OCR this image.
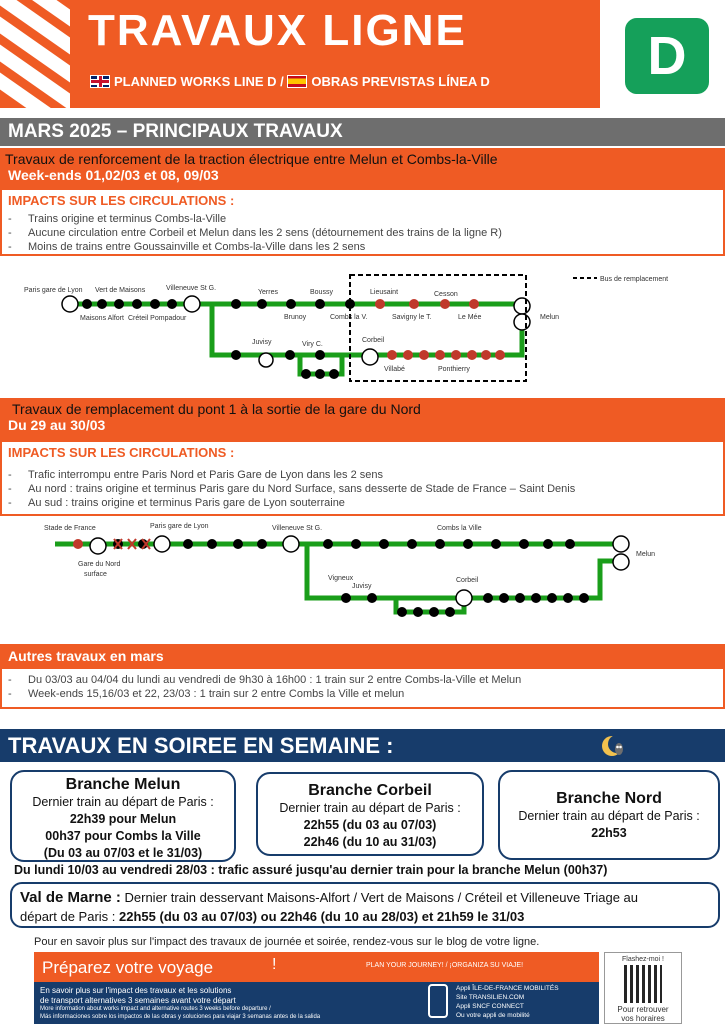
TRAVAUX LIGNE
PLANNED WORKS LINE D / OBRAS PREVISTAS LÍNEA D	D
MARS 2025 – PRINCIPAUX TRAVAUX
Travaux de renforcement de la traction électrique entre Melun et Combs-la-Ville
Week-ends 01,02/03 et 08, 09/03
IMPACTS SUR LES CIRCULATIONS :
- Trains origine et terminus Combs-la-Ville
- Aucune circulation entre Corbeil et Melun dans les 2 sens (détournement des trains de la ligne R)
- Moins de trains entre Goussainville et Combs-la-Ville dans les 2 sens
Bus de remplacement
Paris gare de Lyon Vert de Maisons	Villeneuve St G.
Yerres	Boussy	Lieusaint	Cesson
Melun
Maisons Alfort Créteil Pompadour	Brunoy	Combs la V.	Savigny le T.	Le Mée
Juvisy	Viry C.
Corbeil
Villabé	Ponthierry
Travaux de remplacement du pont 1 à la sortie de la gare du Nord
Du 29 au 30/03
IMPACTS SUR LES CIRCULATIONS :
- Trafic interrompu entre Paris Nord et Paris Gare de Lyon dans les 2 sens
- Au nord : trains origine et terminus Paris gare du Nord Surface, sans desserte de Stade de France – Saint Denis
- Au sud : trains origine et terminus Paris gare de Lyon souterraine
Stade de France
Gare du Nord
surface
Paris gare de Lyon	Villeneuve St G.	Combs la Ville
Melun
Vigneux
Juvisy
Corbeil
Autres travaux en mars
- Du 03/03 au 04/04 du lundi au vendredi de 9h30 à 16h00 : 1 train sur 2 entre Combs-la-Ville et Melun
- Week-ends 15,16/03 et 22, 23/03 : 1 train sur 2 entre Combs la Ville et melun
TRAVAUX EN SOIREE EN SEMAINE :
Branche Melun
Dernier train au départ de Paris :
22h39 pour Melun
00h37 pour Combs la Ville
(Du 03 au 07/03 et le 31/03)
Branche Corbeil
Dernier train au départ de Paris :
22h55 (du 03 au 07/03)
22h46 (du 10 au 31/03)
Branche Nord
Dernier train au départ de Paris :
22h53
Du lundi 10/03 au vendredi 28/03 : trafic assuré jusqu'au dernier train pour la branche Melun (00h37)
Val de Marne : Dernier train desservant Maisons-Alfort / Vert de Maisons / Créteil et Villeneuve Triage au
départ de Paris : 22h55 (du 03 au 07/03) ou 22h46 (du 10 au 28/03) et 21h59 le 31/03
Pour en savoir plus sur l'impact des travaux de journée et soirée, rendez-vous sur le blog de votre ligne.
Préparez votre voyage	!	PLAN YOUR JOURNEY! / ¡ORGANIZA SU VIAJE!
En savoir plus sur l'impact des travaux et les solutions
de transport alternatives 3 semaines avant votre départ
More information about works impact and alternative routes 3 weeks before departure /
Más informaciones sobre los impactos de las obras y soluciones para viajar 3 semanas antes de la salida
Appli ÎLE-DE-FRANCE MOBILITÉS
Site TRANSILIEN.COM
Appli SNCF CONNECT
Ou votre appli de mobilité
Flashez-moi !
Pour retrouver
vos horaires
